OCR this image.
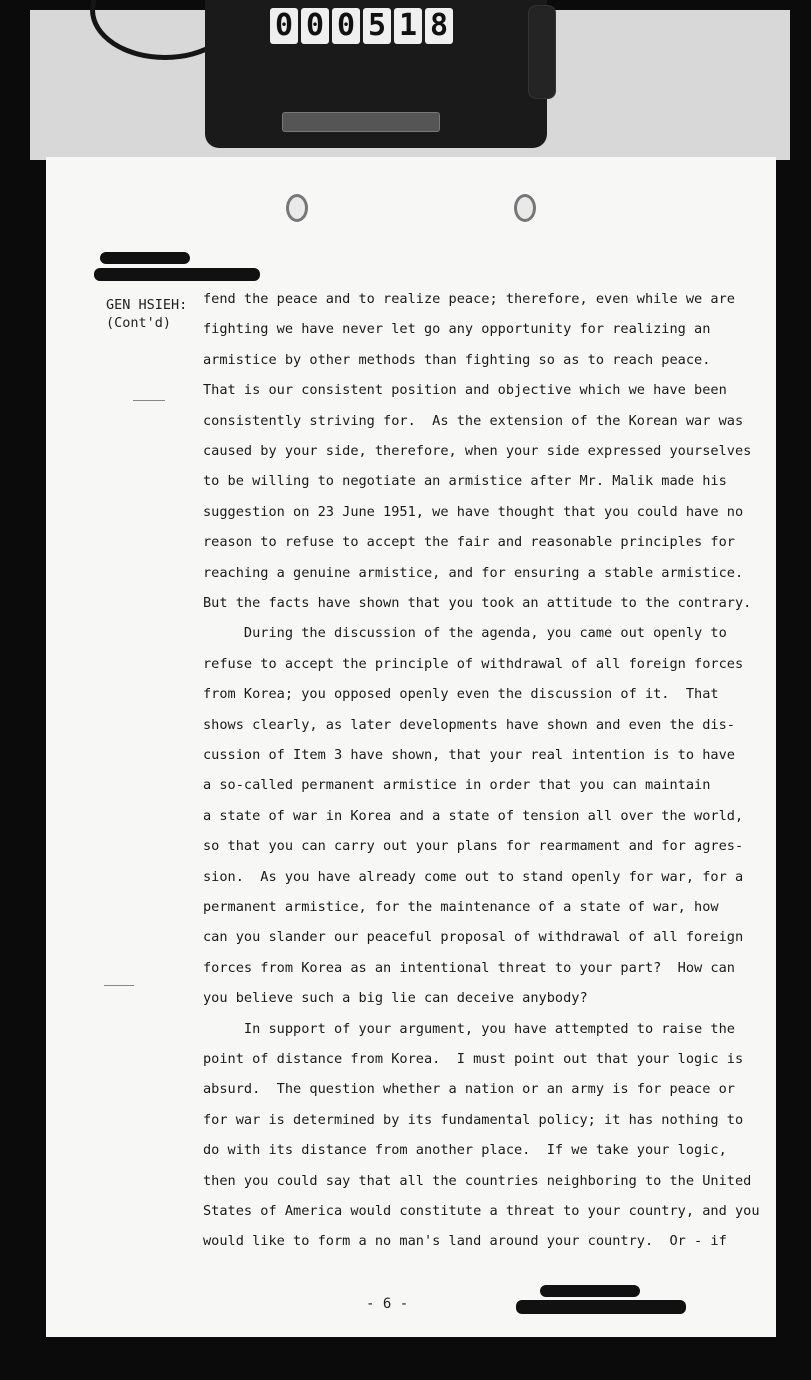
0 0 0 5 1 8
GEN HSIEH:
(Cont'd)
fend the peace and to realize peace; therefore, even while we are
fighting we have never let go any opportunity for realizing an
armistice by other methods than fighting so as to reach peace.
That is our consistent position and objective which we have been
consistently striving for.  As the extension of the Korean war was
caused by your side, therefore, when your side expressed yourselves
to be willing to negotiate an armistice after Mr. Malik made his
suggestion on 23 June 1951, we have thought that you could have no
reason to refuse to accept the fair and reasonable principles for
reaching a genuine armistice, and for ensuring a stable armistice.
But the facts have shown that you took an attitude to the contrary.
During the discussion of the agenda, you came out openly to
refuse to accept the principle of withdrawal of all foreign forces
from Korea; you opposed openly even the discussion of it.  That
shows clearly, as later developments have shown and even the dis-
cussion of Item 3 have shown, that your real intention is to have
a so-called permanent armistice in order that you can maintain
a state of war in Korea and a state of tension all over the world,
so that you can carry out your plans for rearmament and for agres-
sion.  As you have already come out to stand openly for war, for a
permanent armistice, for the maintenance of a state of war, how
can you slander our peaceful proposal of withdrawal of all foreign
forces from Korea as an intentional threat to your part?  How can
you believe such a big lie can deceive anybody?
In support of your argument, you have attempted to raise the
point of distance from Korea.  I must point out that your logic is
absurd.  The question whether a nation or an army is for peace or
for war is determined by its fundamental policy; it has nothing to
do with its distance from another place.  If we take your logic,
then you could say that all the countries neighboring to the United
States of America would constitute a threat to your country, and you
would like to form a no man's land around your country.  Or - if
- 6 -
